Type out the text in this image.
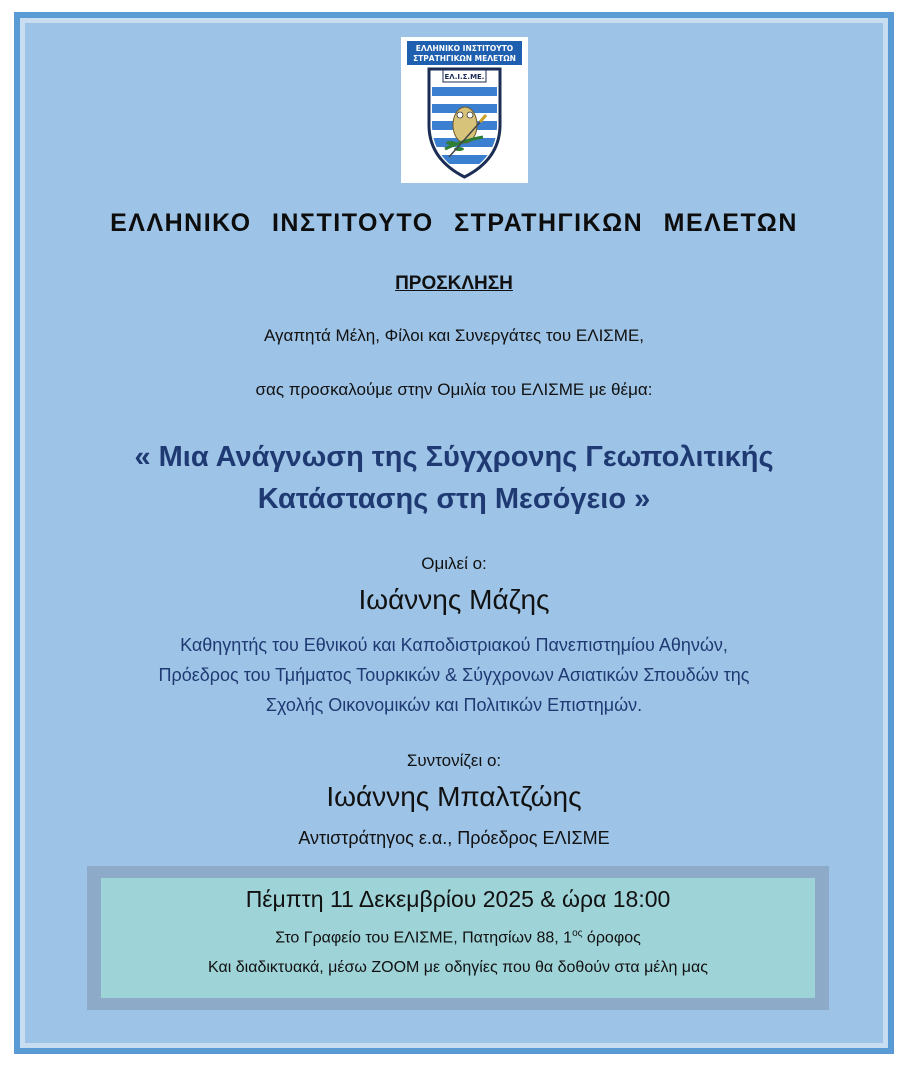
ΕΛΛΗΝΙΚΟ ΙΝΣΤΙΤΟΥΤΟ
ΣΤΡΑΤΗΓΙΚΩΝ ΜΕΛΕΤΩΝ
ΕΛ.Ι.Σ.ΜΕ.
ΕΛΛΗΝΙΚΟ ΙΝΣΤΙΤΟΥΤΟ ΣΤΡΑΤΗΓΙΚΩΝ ΜΕΛΕΤΩΝ
ΠΡΟΣΚΛΗΣΗ
Αγαπητά Μέλη, Φίλοι και Συνεργάτες του ΕΛΙΣΜΕ,
σας προσκαλούμε στην Ομιλία του ΕΛΙΣΜΕ με θέμα:
« Μια Ανάγνωση της Σύγχρονης Γεωπολιτικής
Κατάστασης στη Μεσόγειο »
Ομιλεί ο:
Ιωάννης Μάζης
Καθηγητής του Εθνικού και Καποδιστριακού Πανεπιστημίου Αθηνών,
Πρόεδρος του Τμήματος Τουρκικών & Σύγχρονων Ασιατικών Σπουδών της
Σχολής Οικονομικών και Πολιτικών Επιστημών.
Συντονίζει ο:
Ιωάννης Μπαλτζώης
Αντιστράτηγος ε.α., Πρόεδρος ΕΛΙΣΜΕ
Πέμπτη 11 Δεκεμβρίου 2025 & ώρα 18:00
Στο Γραφείο του ΕΛΙΣΜΕ, Πατησίων 88, $1^{o\varsigma}$ όροφος
Και διαδικτυακά, μέσω ZOOM με οδηγίες που θα δοθούν στα μέλη μας
